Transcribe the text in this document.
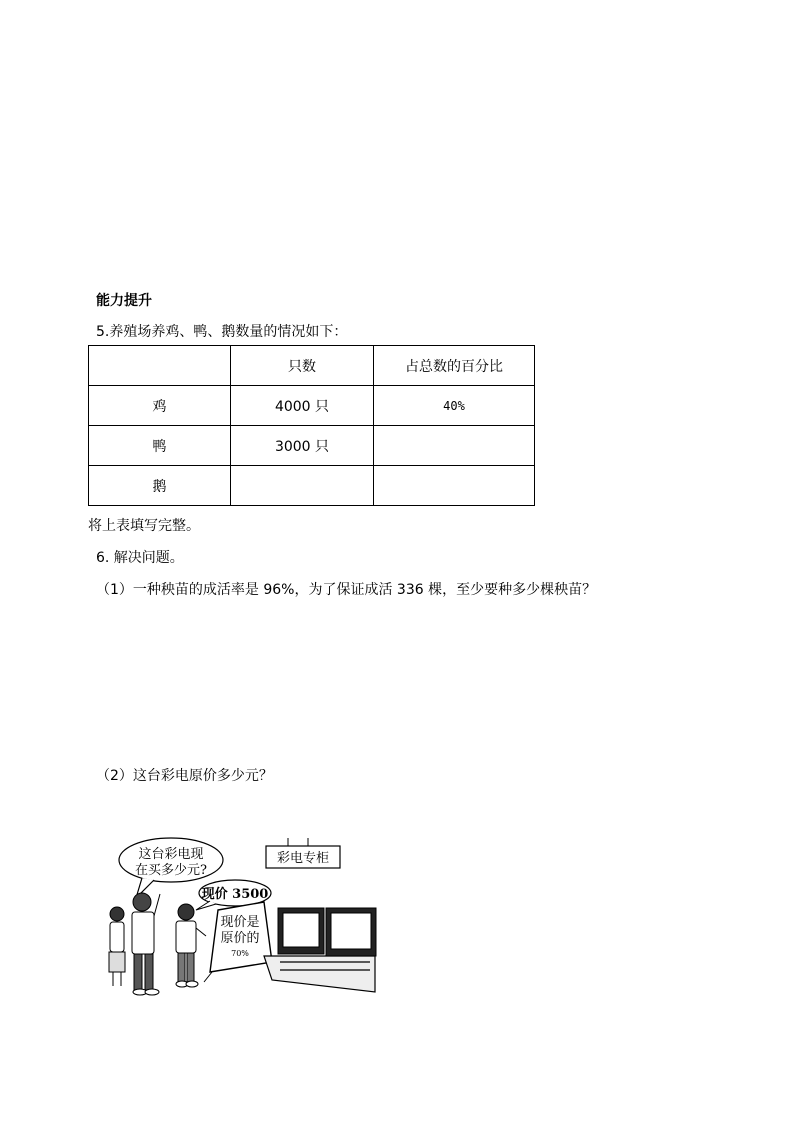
能力提升
5.养殖场养鸡、鸭、鹅数量的情况如下：
	只数	占总数的百分比
鸡	4000 只	40%
鸭	3000 只	
鹅		
将上表填写完整。
6. 解决问题。
（1）一种秧苗的成活率是 96%，为了保证成活 336 棵，至少要种多少棵秧苗？
（2）这台彩电原价多少元？
彩电专柜
这台彩电现
在买多少元?
现价 3500
现价是
原价的
70%
